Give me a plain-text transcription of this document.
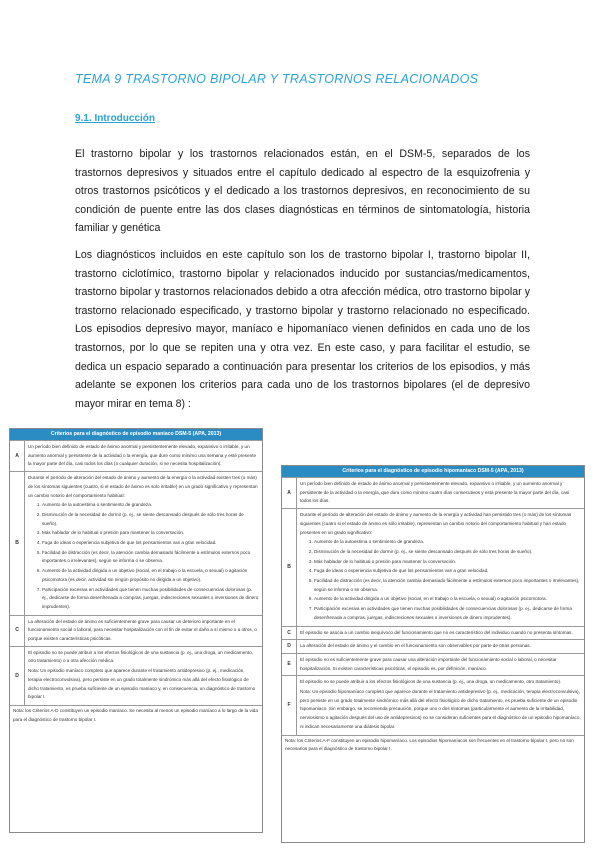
TEMA 9 TRASTORNO BIPOLAR Y TRASTORNOS RELACIONADOS
9.1. Introducción
El trastorno bipolar y los trastornos relacionados están, en el DSM-5, separados de los trastornos depresivos y situados entre el capítulo dedicado al espectro de la esquizofrenia y otros trastornos psicóticos y el dedicado a los trastornos depresivos, en reconocimiento de su condición de puente entre las dos clases diagnósticas en términos de sintomatología, historia familiar y genética
Los diagnósticos incluidos en este capítulo son los de trastorno bipolar I, trastorno bipolar II, trastorno ciclotímico, trastorno bipolar y relacionados inducido por sustancias/medicamentos, trastorno bipolar y trastornos relacionados debido a otra afección médica, otro trastorno bipolar y trastorno relacionado especificado, y trastorno bipolar y trastorno relacionado no especificado. Los episodios depresivo mayor, maníaco e hipomaníaco vienen definidos en cada uno de los trastornos, por lo que se repiten una y otra vez. En este caso, y para facilitar el estudio, se dedica un espacio separado a continuación para presentar los criterios de los episodios, y más adelante se exponen los criterios para cada uno de los trastornos bipolares (el de depresivo mayor mirar en tema 8) :
Criterios para el diagnóstico de episodio maníaco DSM-5 (APA, 2013)
A
Un período bien definido de estado de ánimo anormal y persistentemente elevado, expansivo o irritable, y un aumento anormal y persistente de la actividad o la energía, que dure como mínimo una semana y esté presente la mayor parte del día, casi todos los días (o cualquier duración, si se necesita hospitalización).
B

Durante el período de alteración del estado de ánimo y aumento de la energía o la actividad existen tres (o más) de los síntomas siguientes (cuatro, si el estado de ánimo es solo irritable) en un grado significativo y representan un cambio notorio del comportamiento habitual:

1. Aumento de la autoestima o sentimiento de grandeza.
2. Disminución de la necesidad de dormir (p. ej., se siente descansado después de sólo tres horas de sueño).
3. Más hablador de lo habitual o presión para mantener la conversación.
4. Fuga de ideas o experiencia subjetiva de que los pensamientos van a gran velocidad.
5. Facilidad de distracción (es decir, la atención cambia demasiado fácilmente a estímulos externos poco importantes o irrelevantes), según se informa o se observa.
6. Aumento de la actividad dirigida a un objetivo (social, en el trabajo o la escuela, o sexual) o agitación psicomotora (es decir, actividad sin ningún propósito no dirigida a un objetivo).
7. Participación excesiva en actividades que tienen muchas posibilidades de consecuencias dolorosas (p. ej., dedicarse de forma desenfrenada a compras, juergas, indiscreciones sexuales o inversiones de dinero imprudentes).
C
La alteración del estado de ánimo es suficientemente grave para causar un deterioro importante en el funcionamiento social o laboral, para necesitar hospitalización con el fin de evitar el daño a sí mismo o a otros, o porque existen características psicóticas.
D

El episodio no se puede atribuir a los efectos fisiológicos de una sustancia (p. ej., una droga, un medicamento, otro tratamiento) o a otra afección médica.

Nota: Un episodio maníaco completo que aparece durante el tratamiento antidepresivo (p. ej., medicación, terapia electroconvulsiva), pero persiste en un grado totalmente sindrómico más allá del efecto fisiológico de dicho tratamiento, es prueba suficiente de un episodio maníaco y, en consecuencia, un diagnóstico de trastorno bipolar I.

Nota: los Criterios A-D constituyen un episodio maníaco. Se necesita al menos un episodio maníaco a lo largo de la vida para el diagnóstico de trastorno bipolar I.
Criterios para el diagnóstico de episodio hipomaníaco DSM-5 (APA, 2013)
A
Un período bien definido de estado de ánimo anormal y persistentemente elevado, expansivo o irritable, y un aumento anormal y persistente de la actividad o la energía, que dura como mínimo cuatro días consecutivos y está presente la mayor parte del día, casi todos los días.
B

Durante el período de alteración del estado de ánimo y aumento de la energía y actividad han persistido tres (o más) de los síntomas siguientes (cuatro si el estado de ánimo es sólo irritable), representan un cambio notorio del comportamiento habitual y han estado presentes en un grado significativo:

1. Aumento de la autoestima o sentimiento de grandeza.
2. Disminución de la necesidad de dormir (p. ej., se siente descansado después de sólo tres horas de sueño).
3. Más hablador de lo habitual o presión para mantener la conversación.
4. Fuga de ideas o experiencia subjetiva de que los pensamientos van a gran velocidad.
5. Facilidad de distracción (es decir, la atención cambia demasiado fácilmente a estímulos externos poco importantes o irrelevantes), según se informa o se observa.
6. Aumento de la actividad dirigida a un objetivo (social, en el trabajo o la escuela, o sexual) o agitación psicomotora.
7. Participación excesiva en actividades que tienen muchas posibilidades de consecuencias dolorosas (p. ej., dedicarse de forma desenfrenada a compras, juergas, indiscreciones sexuales o inversiones de dinero imprudentes).
C	El episodio se asocia a un cambio inequívoco del funcionamiento que no es característico del individuo cuando no presenta síntomas.
D	La alteración del estado de ánimo y el cambio en el funcionamiento son observables por parte de otras personas.
E
El episodio no es suficientemente grave para causar una alteración importante del funcionamiento social o laboral, o necesitar hospitalización. Si existen características psicóticas, el episodio es, por definición, maníaco.
F

El episodio no se puede atribuir a los efectos fisiológicos de una sustancia (p. ej., una droga, un medicamento, otro tratamiento).

Nota: Un episodio hipomaníaco completo que aparece durante el tratamiento antidepresivo (p. ej., medicación, terapia electroconvulsiva), pero persiste en un grado totalmente sindrómico más allá del efecto fisiológico de dicho tratamiento, es prueba suficiente de un episodio hipomaníaco. Sin embargo, se recomienda precaución, porque uno o dos síntomas (particularmente el aumento de la irritabilidad, nerviosismo o agitación después del uso de antidepresivos) no se consideran suficientes para el diagnóstico de un episodio hipomaníaco, ni indican necesariamente una diátesis bipolar.

Nota: los Criterios A-F constituyen un episodio hipomaníaco. Los episodios hipomaníacos son frecuentes en el trastorno bipolar I, pero no son necesarios para el diagnóstico de trastorno bipolar I.
